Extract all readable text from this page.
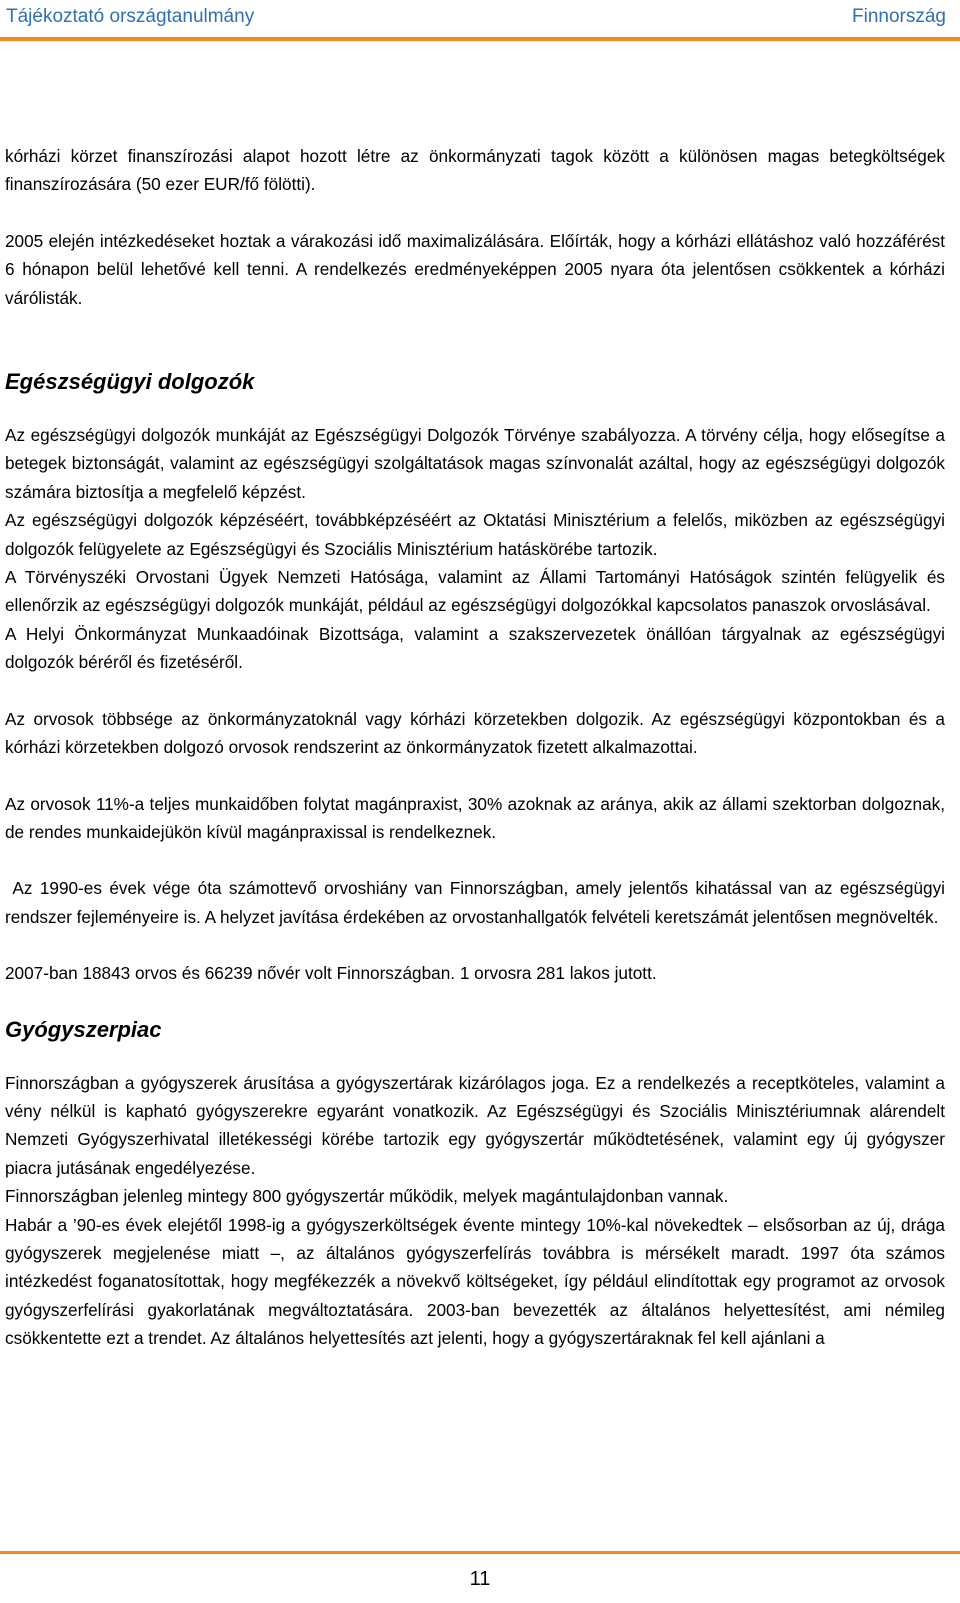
Tájékoztató országtanulmány	Finnország

kórházi körzet finanszírozási alapot hozott létre az önkormányzati tagok között a különösen magas betegköltségek finanszírozására (50 ezer EUR/fő fölötti).

2005 elején intézkedéseket hoztak a várakozási idő maximalizálására. Előírták, hogy a kórházi ellátáshoz való hozzáférést 6 hónapon belül lehetővé kell tenni. A rendelkezés eredményeképpen 2005 nyara óta jelentősen csökkentek a kórházi várólisták.

Egészségügyi dolgozók

Az egészségügyi dolgozók munkáját az Egészségügyi Dolgozók Törvénye szabályozza. A törvény célja, hogy elősegítse a betegek biztonságát, valamint az egészségügyi szolgáltatások magas színvonalát azáltal, hogy az egészségügyi dolgozók számára biztosítja a megfelelő képzést.

Az egészségügyi dolgozók képzéséért, továbbképzéséért az Oktatási Minisztérium a felelős, miközben az egészségügyi dolgozók felügyelete az Egészségügyi és Szociális Minisztérium hatáskörébe tartozik.

A Törvényszéki Orvostani Ügyek Nemzeti Hatósága, valamint az Állami Tartományi Hatóságok szintén felügyelik és ellenőrzik az egészségügyi dolgozók munkáját, például az egészségügyi dolgozókkal kapcsolatos panaszok orvoslásával.

A Helyi Önkormányzat Munkaadóinak Bizottsága, valamint a szakszervezetek önállóan tárgyalnak az egészségügyi dolgozók béréről és fizetéséről.

Az orvosok többsége az önkormányzatoknál vagy kórházi körzetekben dolgozik. Az egészségügyi központokban és a kórházi körzetekben dolgozó orvosok rendszerint az önkormányzatok fizetett alkalmazottai.

Az orvosok 11%-a teljes munkaidőben folytat magánpraxist, 30% azoknak az aránya, akik az állami szektorban dolgoznak, de rendes munkaidejükön kívül magánpraxissal is rendelkeznek.

Az 1990-es évek vége óta számottevő orvoshiány van Finnországban, amely jelentős kihatással van az egészségügyi rendszer fejleményeire is. A helyzet javítása érdekében az orvostanhallgatók felvételi keretszámát jelentősen megnövelték.

2007-ban 18843 orvos és 66239 nővér volt Finnországban. 1 orvosra 281 lakos jutott.

Gyógyszerpiac

Finnországban a gyógyszerek árusítása a gyógyszertárak kizárólagos joga. Ez a rendelkezés a receptköteles, valamint a vény nélkül is kapható gyógyszerekre egyaránt vonatkozik. Az Egészségügyi és Szociális Minisztériumnak alárendelt Nemzeti Gyógyszerhivatal illetékességi körébe tartozik egy gyógyszertár működtetésének, valamint egy új gyógyszer piacra jutásának engedélyezése.

Finnországban jelenleg mintegy 800 gyógyszertár működik, melyek magántulajdonban vannak.

Habár a ’90-es évek elejétől 1998-ig a gyógyszerköltségek évente mintegy 10%-kal növekedtek – elsősorban az új, drága gyógyszerek megjelenése miatt –, az általános gyógyszerfelírás továbbra is mérsékelt maradt. 1997 óta számos intézkedést foganatosítottak, hogy megfékezzék a növekvő költségeket, így például elindítottak egy programot az orvosok gyógyszerfelírási gyakorlatának megváltoztatására. 2003-ban bevezették az általános helyettesítést, ami némileg csökkentette ezt a trendet. Az általános helyettesítés azt jelenti, hogy a gyógyszertáraknak fel kell ajánlani a

11
